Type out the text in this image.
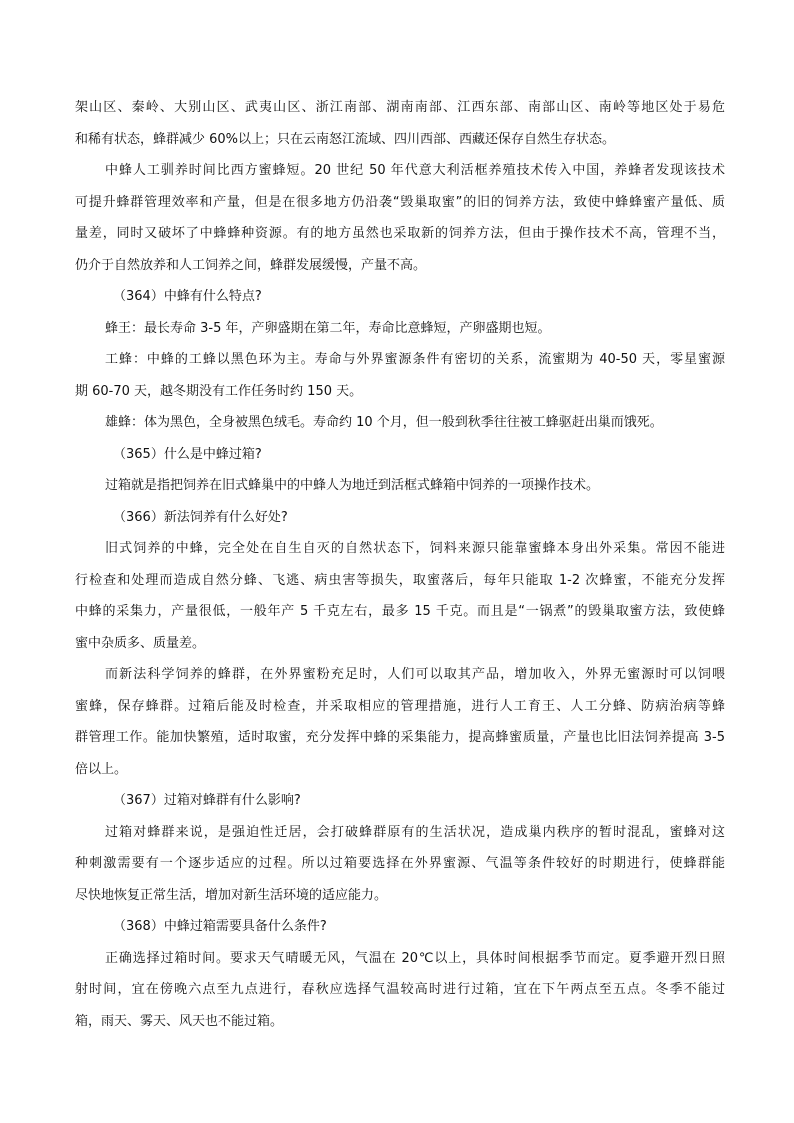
架山区、秦岭、大别山区、武夷山区、浙江南部、湖南南部、江西东部、南部山区、南岭等地区处于易危
和稀有状态，蜂群减少 60%以上；只在云南怒江流域、四川西部、西藏还保存自然生存状态。

中蜂人工驯养时间比西方蜜蜂短。20 世纪 50 年代意大利活框养殖技术传入中国，养蜂者发现该技术
可提升蜂群管理效率和产量，但是在很多地方仍沿袭“毁巢取蜜”的旧的饲养方法，致使中蜂蜂蜜产量低、质
量差，同时又破坏了中蜂蜂种资源。有的地方虽然也采取新的饲养方法，但由于操作技术不高，管理不当，
仍介于自然放养和人工饲养之间，蜂群发展缓慢，产量不高。

（364）中蜂有什么特点?

蜂王：最长寿命 3-5 年，产卵盛期在第二年，寿命比意蜂短，产卵盛期也短。

工蜂：中蜂的工蜂以黑色环为主。寿命与外界蜜源条件有密切的关系，流蜜期为 40-50 天，零星蜜源
期 60-70 天，越冬期没有工作任务时约 150 天。

雄蜂：体为黑色，全身被黑色绒毛。寿命约 10 个月，但一般到秋季往往被工蜂驱赶出巢而饿死。

（365）什么是中蜂过箱?

过箱就是指把饲养在旧式蜂巢中的中蜂人为地迁到活框式蜂箱中饲养的一项操作技术。

（366）新法饲养有什么好处?

旧式饲养的中蜂，完全处在自生自灭的自然状态下，饲料来源只能靠蜜蜂本身出外采集。常因不能进
行检查和处理而造成自然分蜂、飞逃、病虫害等损失，取蜜落后，每年只能取 1-2 次蜂蜜，不能充分发挥
中蜂的采集力，产量很低，一般年产 5 千克左右，最多 15 千克。而且是“一锅煮”的毁巢取蜜方法，致使蜂
蜜中杂质多、质量差。

而新法科学饲养的蜂群，在外界蜜粉充足时，人们可以取其产品，增加收入，外界无蜜源时可以饲喂
蜜蜂，保存蜂群。过箱后能及时检查，并采取相应的管理措施，进行人工育王、人工分蜂、防病治病等蜂
群管理工作。能加快繁殖，适时取蜜，充分发挥中蜂的采集能力，提高蜂蜜质量，产量也比旧法饲养提高 3-5
倍以上。

（367）过箱对蜂群有什么影响?

过箱对蜂群来说，是强迫性迁居，会打破蜂群原有的生活状况，造成巢内秩序的暂时混乱，蜜蜂对这
种刺激需要有一个逐步适应的过程。所以过箱要选择在外界蜜源、气温等条件较好的时期进行，使蜂群能
尽快地恢复正常生活，增加对新生活环境的适应能力。

（368）中蜂过箱需要具备什么条件?

正确选择过箱时间。要求天气晴暖无风，气温在 20℃以上，具体时间根据季节而定。夏季避开烈日照
射时间，宜在傍晚六点至九点进行，春秋应选择气温较高时进行过箱，宜在下午两点至五点。冬季不能过
箱，雨天、雾天、风天也不能过箱。
